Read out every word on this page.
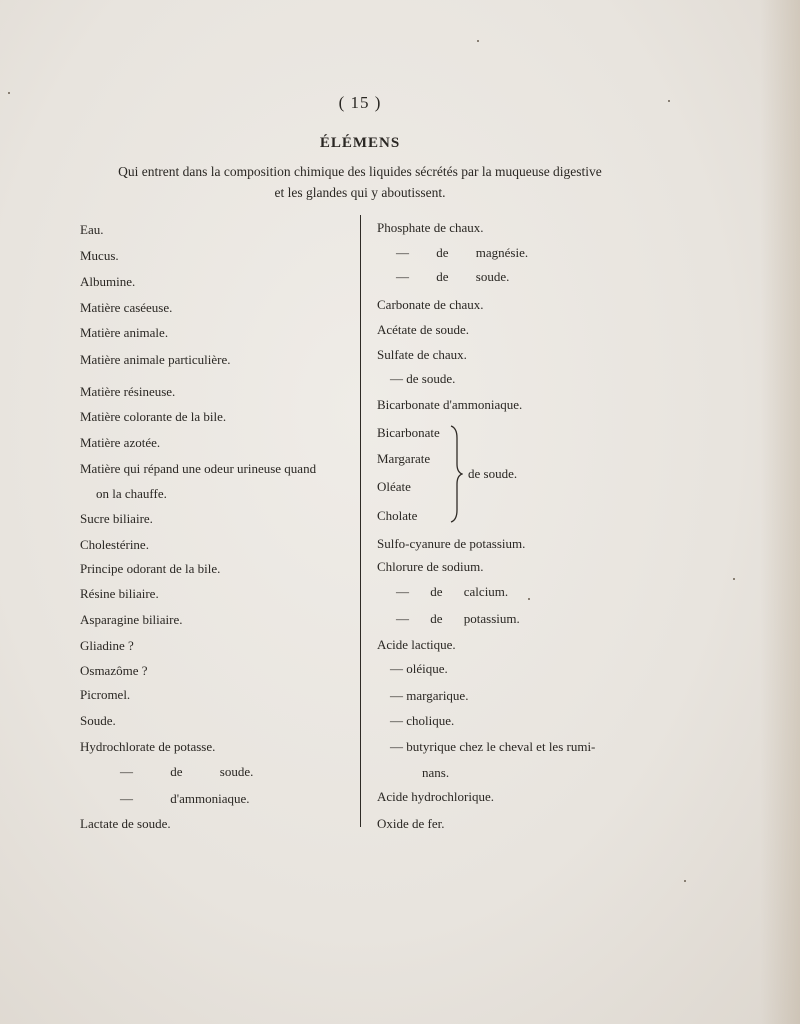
( 15 )
ÉLÉMENS
Qui entrent dans la composition chimique des liquides sécrétés par la muqueuse digestive
et les glandes qui y aboutissent.
Eau.
Mucus.
Albumine.
Matière caséeuse.
Matière animale.
Matière animale particulière.
Matière résineuse.
Matière colorante de la bile.
Matière azotée.
Matière qui répand une odeur urineuse quand
on la chauffe.
Sucre biliaire.
Cholestérine.
Principe odorant de la bile.
Résine biliaire.
Asparagine biliaire.
Gliadine ?
Osmazôme ?
Picromel.
Soude.
Hydrochlorate de potasse.
— de soude.
— d'ammoniaque.
Lactate de soude.
Phosphate de chaux.
— de magnésie.
— de soude.
Carbonate de chaux.
Acétate de soude.
Sulfate de chaux.
— de soude.
Bicarbonate d'ammoniaque.
Bicarbonate
Margarate
Oléate
Cholate
de soude.
Sulfo-cyanure de potassium.
Chlorure de sodium.
— de calcium.
— de potassium.
Acide lactique.
— oléique.
— margarique.
— cholique.
— butyrique chez le cheval et les rumi-
nans.
Acide hydrochlorique.
Oxide de fer.
